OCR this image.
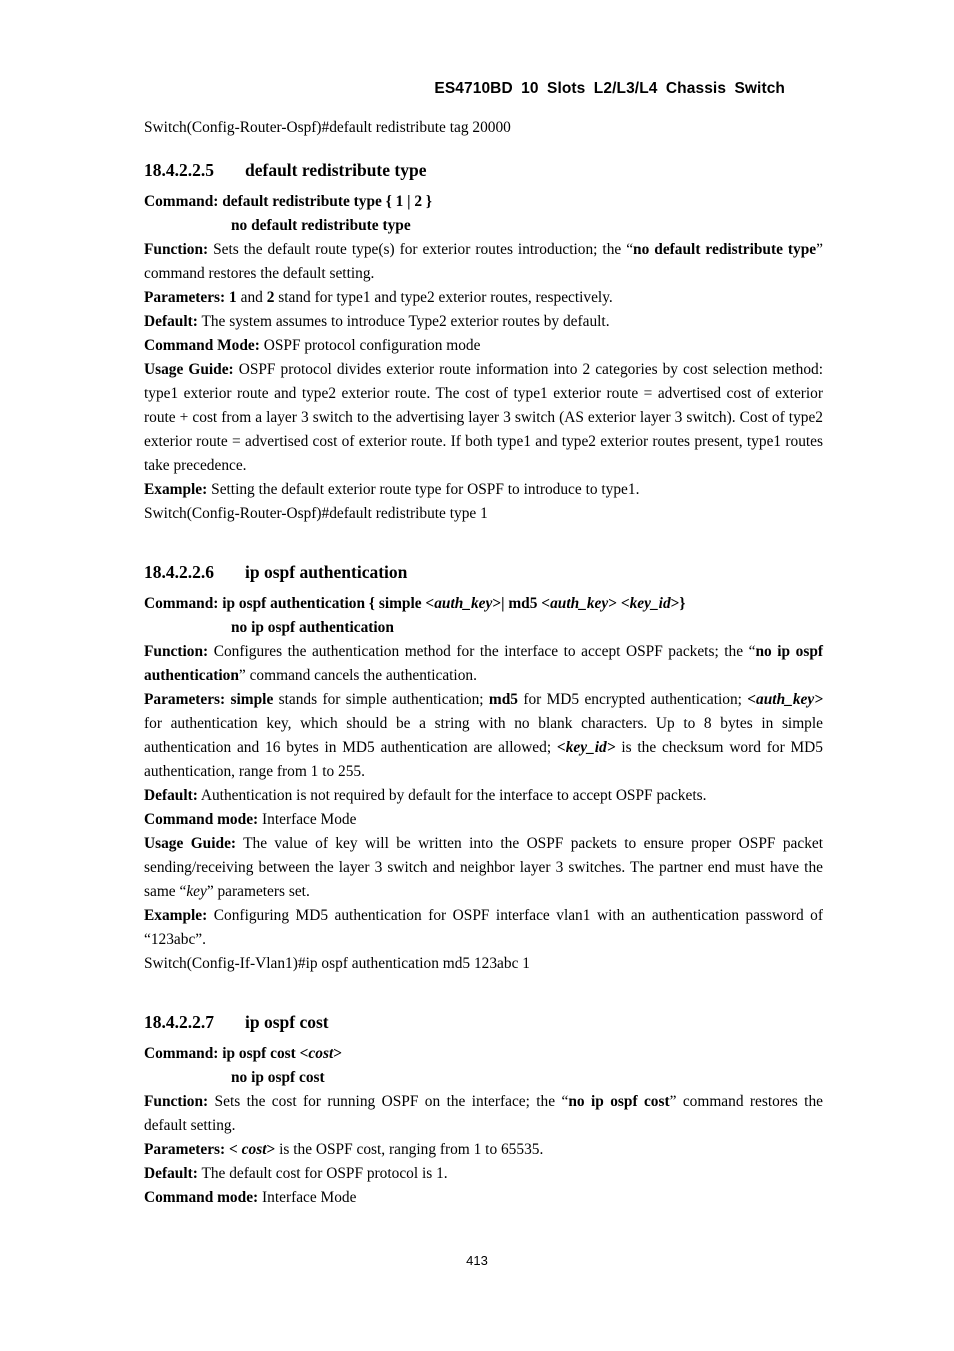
ES4710BD 10 Slots L2/L3/L4 Chassis Switch

Switch(Config-Router-Ospf)#default redistribute tag 20000

18.4.2.2.5 default redistribute type

Command: default redistribute type { 1 | 2 }

no default redistribute type

Function: Sets the default route type(s) for exterior routes introduction; the “no default redistribute type” command restores the default setting.

Parameters: 1 and 2 stand for type1 and type2 exterior routes, respectively.

Default: The system assumes to introduce Type2 exterior routes by default.

Command Mode: OSPF protocol configuration mode

Usage Guide: OSPF protocol divides exterior route information into 2 categories by cost selection method: type1 exterior route and type2 exterior route. The cost of type1 exterior route = advertised cost of exterior route + cost from a layer 3 switch to the advertising layer 3 switch (AS exterior layer 3 switch). Cost of type2 exterior route = advertised cost of exterior route. If both type1 and type2 exterior routes present, type1 routes take precedence.

Example: Setting the default exterior route type for OSPF to introduce to type1.

Switch(Config-Router-Ospf)#default redistribute type 1

18.4.2.2.6 ip ospf authentication

Command: ip ospf authentication { simple <auth_key>| md5 <auth_key> <key_id>}

no ip ospf authentication

Function: Configures the authentication method for the interface to accept OSPF packets; the “no ip ospf authentication” command cancels the authentication.

Parameters: simple stands for simple authentication; md5 for MD5 encrypted authentication; <auth_key> for authentication key, which should be a string with no blank characters. Up to 8 bytes in simple authentication and 16 bytes in MD5 authentication are allowed; <key_id> is the checksum word for MD5 authentication, range from 1 to 255.

Default: Authentication is not required by default for the interface to accept OSPF packets.

Command mode: Interface Mode

Usage Guide: The value of key will be written into the OSPF packets to ensure proper OSPF packet sending/receiving between the layer 3 switch and neighbor layer 3 switches. The partner end must have the same “key” parameters set.

Example: Configuring MD5 authentication for OSPF interface vlan1 with an authentication password of “123abc”.

Switch(Config-If-Vlan1)#ip ospf authentication md5 123abc 1

18.4.2.2.7 ip ospf cost

Command: ip ospf cost <cost>

no ip ospf cost

Function: Sets the cost for running OSPF on the interface; the “no ip ospf cost” command restores the default setting.

Parameters: < cost> is the OSPF cost, ranging from 1 to 65535.

Default: The default cost for OSPF protocol is 1.

Command mode: Interface Mode

413
